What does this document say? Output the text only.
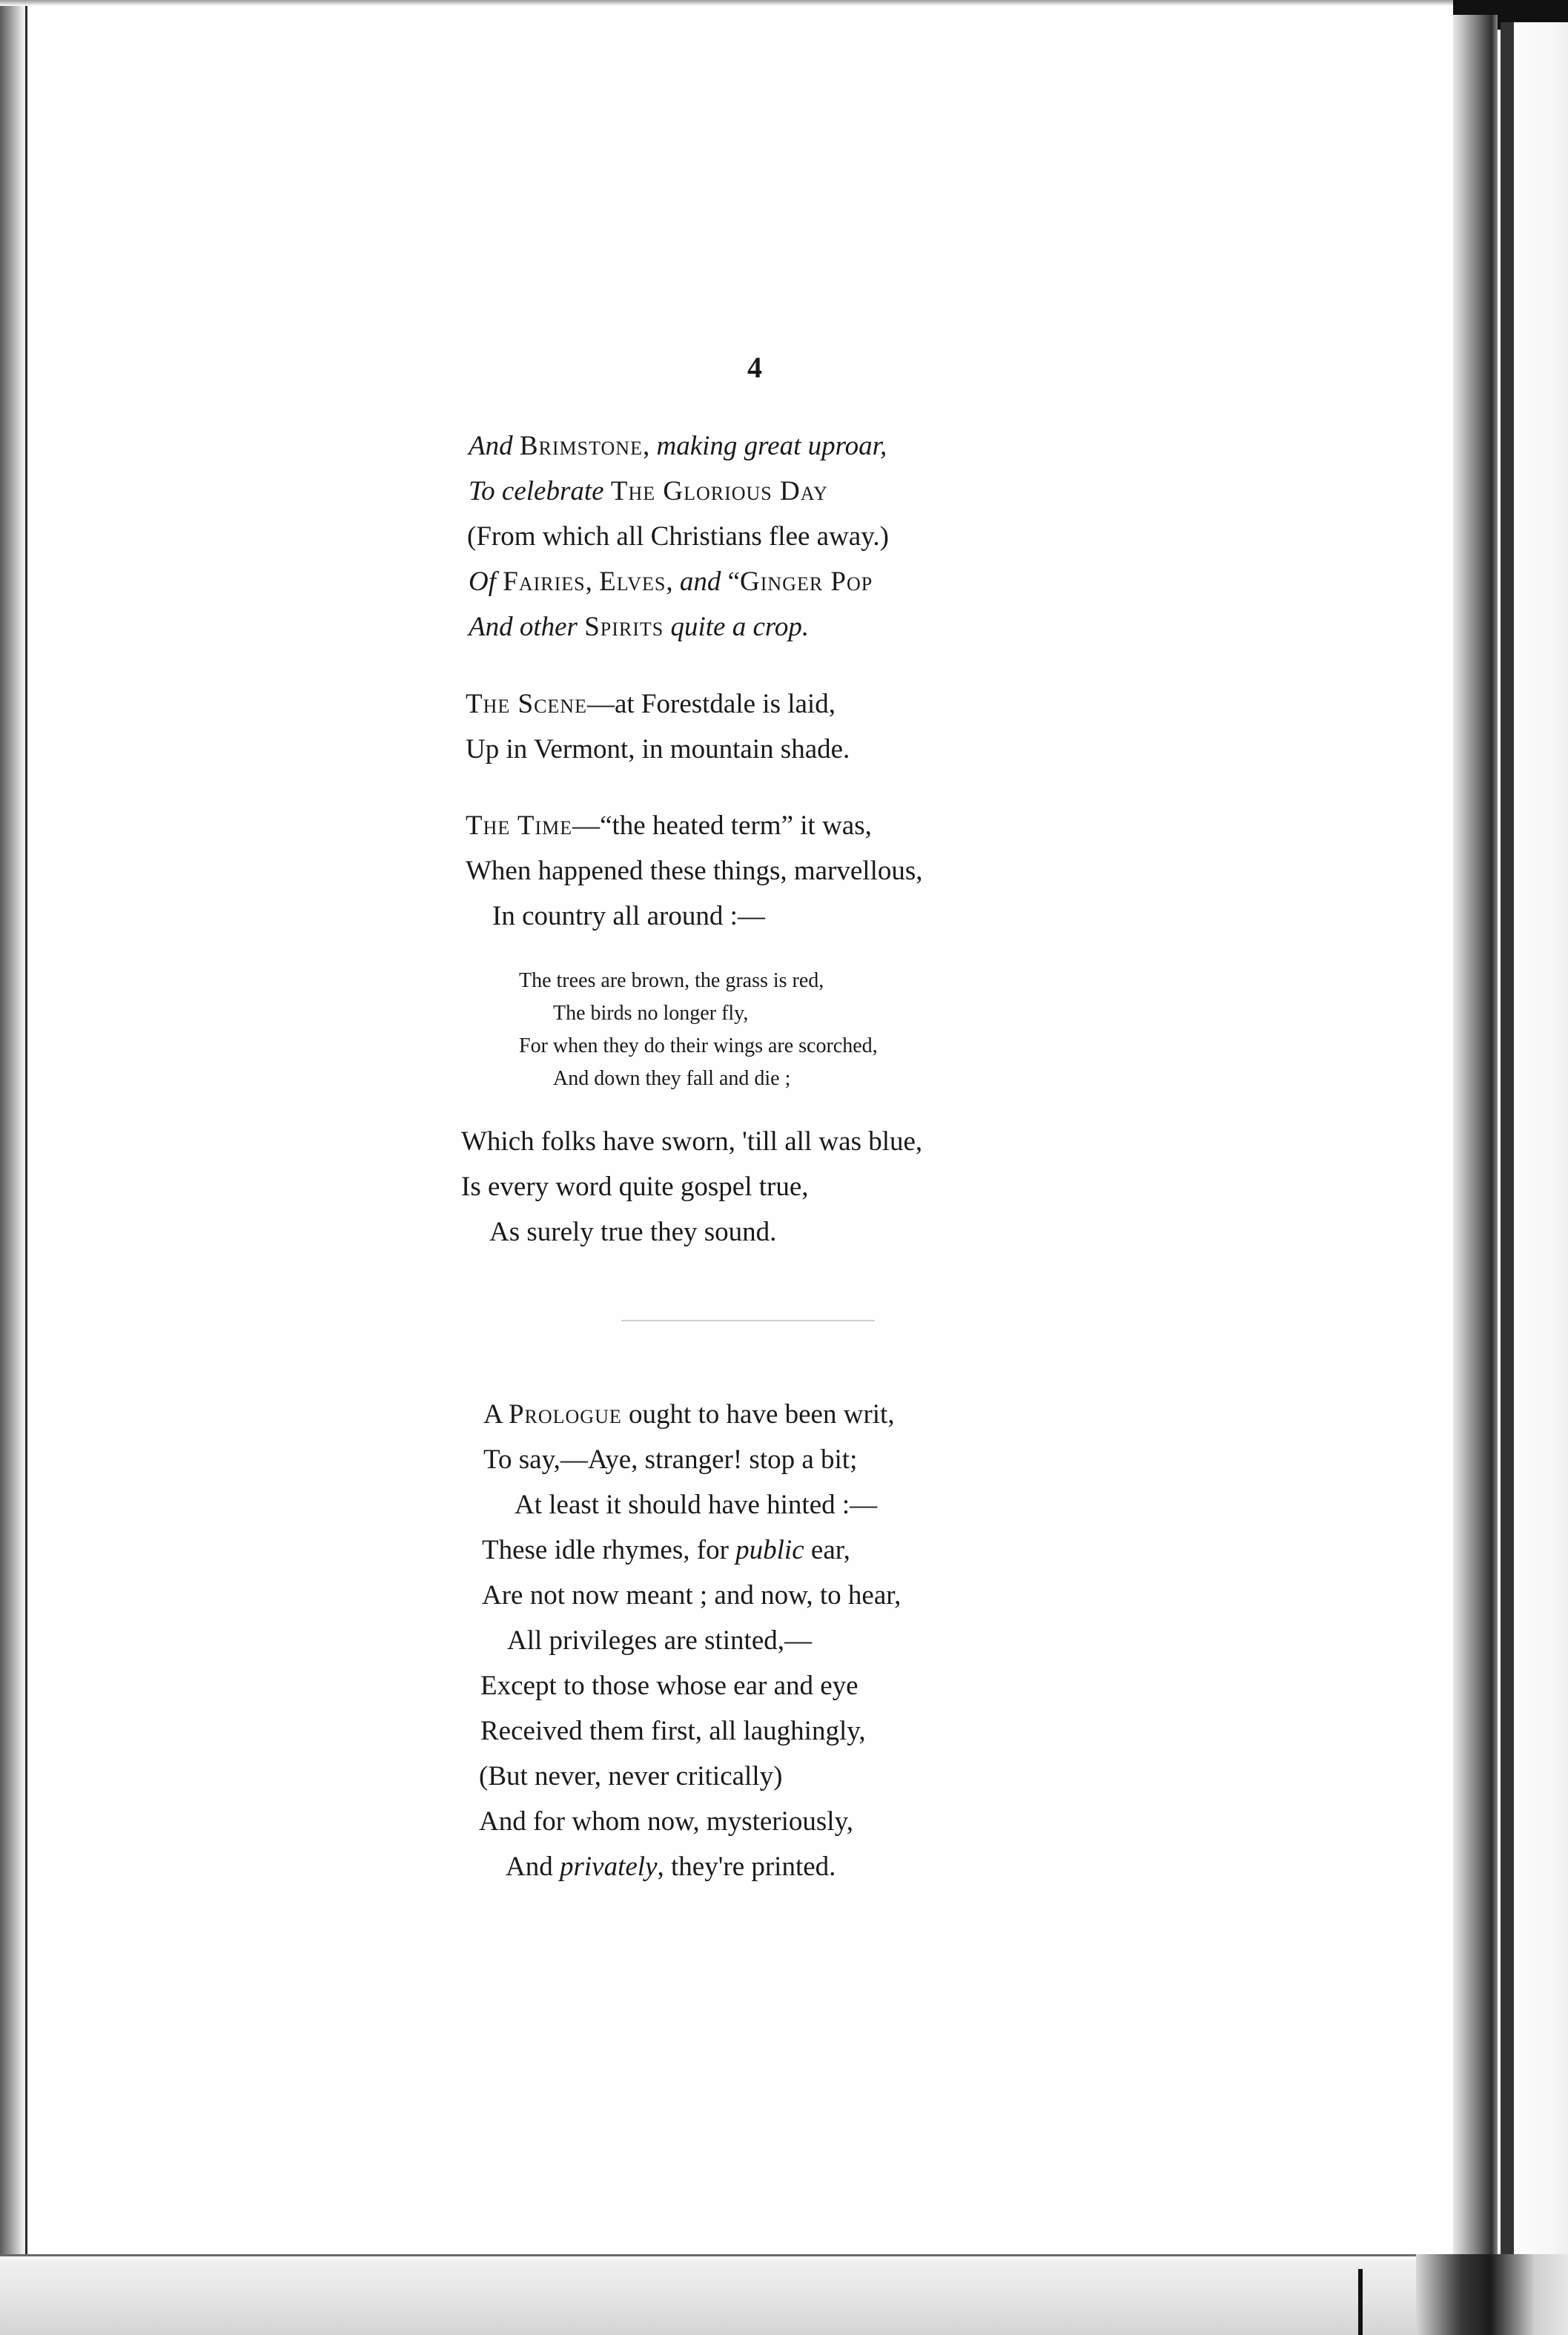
4
And Brimstone, making great uproar,
To celebrate The Glorious Day
(From which all Christians flee away.)
Of Fairies, Elves, and “Ginger Pop
And other Spirits quite a crop.
The Scene—at Forestdale is laid,
Up in Vermont, in mountain shade.
The Time—“the heated term” it was,
When happened these things, marvellous,
In country all around :—
The trees are brown, the grass is red,
The birds no longer fly,
For when they do their wings are scorched,
And down they fall and die ;
Which folks have sworn, 'till all was blue,
Is every word quite gospel true,
As surely true they sound.
A Prologue ought to have been writ,
To say,—Aye, stranger! stop a bit;
At least it should have hinted :—
These idle rhymes, for public ear,
Are not now meant ; and now, to hear,
All privileges are stinted,—
Except to those whose ear and eye
Received them first, all laughingly,
(But never, never critically)
And for whom now, mysteriously,
And privately, they're printed.
